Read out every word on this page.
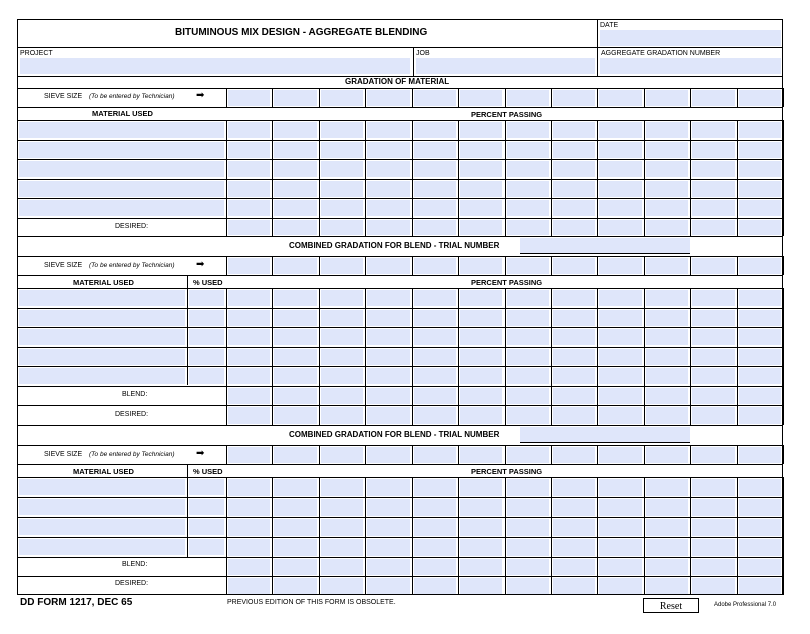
BITUMINOUS MIX DESIGN - AGGREGATE BLENDING
DATE
PROJECT	JOB	AGGREGATE GRADATION NUMBER
GRADATION OF MATERIAL
SIEVE SIZE (To be entered by Technician) ➡
MATERIAL USED	PERCENT PASSING
DESIRED:
COMBINED GRADATION FOR BLEND - TRIAL NUMBER
SIEVE SIZE (To be entered by Technician) ➡
MATERIAL USED	% USED	PERCENT PASSING
BLEND:
DESIRED:
COMBINED GRADATION FOR BLEND - TRIAL NUMBER
SIEVE SIZE (To be entered by Technician) ➡
MATERIAL USED	% USED	PERCENT PASSING
BLEND:
DESIRED:
DD FORM 1217, DEC 65	PREVIOUS EDITION OF THIS FORM IS OBSOLETE.	Reset	Adobe Professional 7.0
